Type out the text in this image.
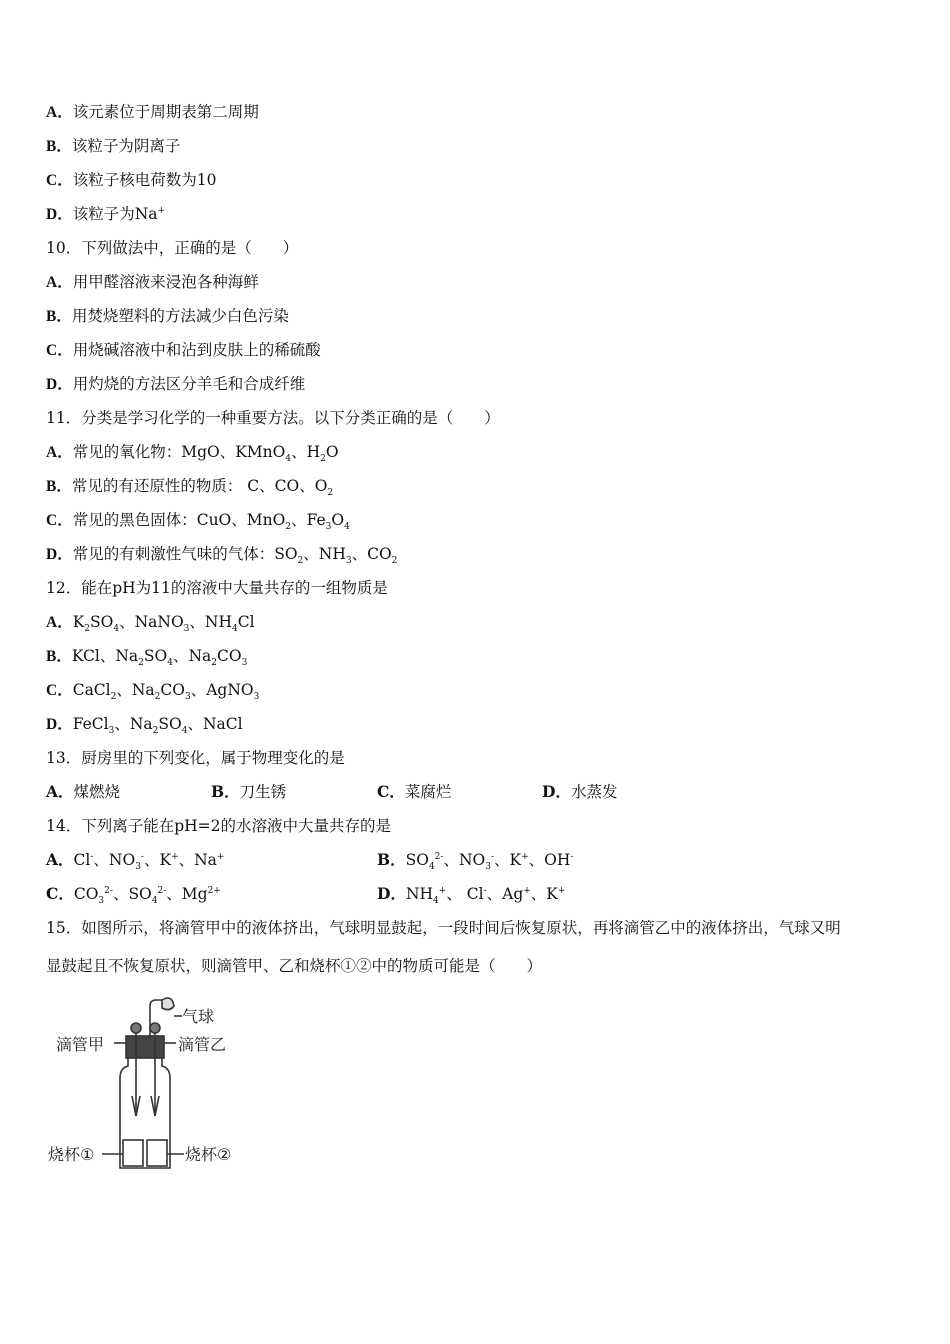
A．该元素位于周期表第二周期
B．该粒子为阴离子
C．该粒子核电荷数为10
D．该粒子为Na+
10．下列做法中，正确的是（　　）
A．用甲醛溶液来浸泡各种海鲜
B．用焚烧塑料的方法减少白色污染
C．用烧碱溶液中和沾到皮肤上的稀硫酸
D．用灼烧的方法区分羊毛和合成纤维
11．分类是学习化学的一种重要方法。以下分类正确的是（　　）
A．常见的氧化物：MgO、KMnO$_4$、$H_2O$
B．常见的有还原性的物质： C、CO、$O_2$
C．常见的黑色固体：CuO、MnO$_2$、$Fe_3O_4$
D．常见的有刺激性气味的气体：$SO_2$、$NH_3$、$CO_2$
12．能在pH为11的溶液中大量共存的一组物质是
A．$K_2SO_4$、NaNO$_3$、$NH_4Cl$
B．KCl、$Na_2SO_4$、$Na_2CO_3$
C．CaCl$_2$、$Na_2CO_3$、AgNO$_3$
D．FeCl$_3$、$Na_2SO_4$、NaCl
13．厨房里的下列变化，属于物理变化的是
A．煤燃烧	B．刀生锈	C．菜腐烂	D．水蒸发
14．下列离子能在pH=2的水溶液中大量共存的是
A．Cl-、$NO_3^-$、K+、Na+	B．$SO_4^{2-}$、$NO_3^-$、K+、OH-
C．$CO_3^{2-}$、$SO_4^{2-}$、$Mg^{2+}$	D．$NH_4^+$、 Cl-、Ag+、K+
15．如图所示，将滴管甲中的液体挤出，气球明显鼓起，一段时间后恢复原状，再将滴管乙中的液体挤出，气球又明
显鼓起且不恢复原状，则滴管甲、乙和烧杯①②中的物质可能是（　　）
气球
滴管甲	滴管乙
烧杯①	烧杯②
